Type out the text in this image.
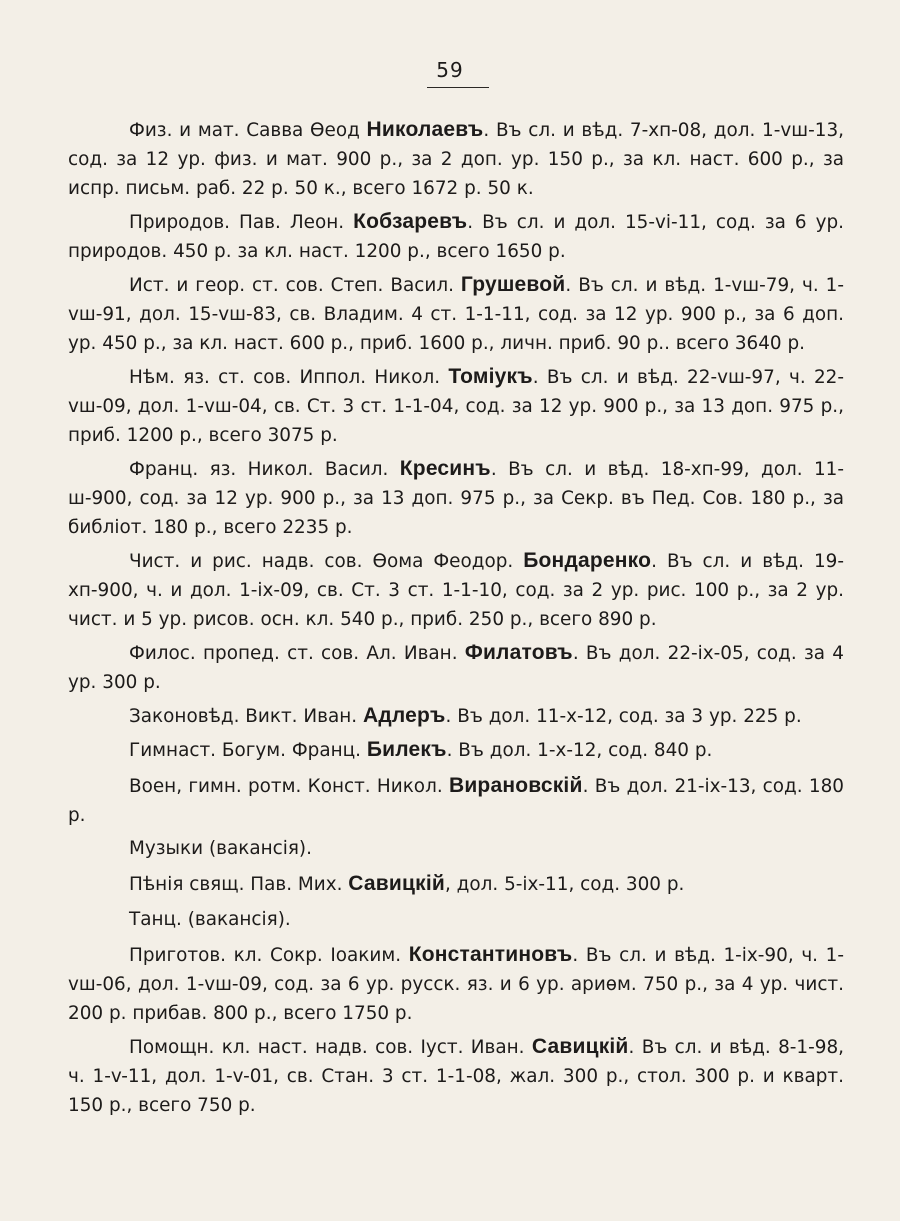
59
Физ. и мат. Савва Өеод Николаевъ. Въ сл. и вѣд. 7-хп-08, дол. 1-vш-13, сод. за 12 ур. физ. и мат. 900 р., за 2 доп. ур. 150 р., за кл. наст. 600 р., за испр. письм. раб. 22 р. 50 к., всего 1672 р. 50 к.
Природов. Пав. Леон. Кобзаревъ. Въ сл. и дол. 15-vi-11, сод. за 6 ур. природов. 450 р. за кл. наст. 1200 р., всего 1650 р.
Ист. и геор. ст. сов. Степ. Васил. Грушевой. Въ сл. и вѣд. 1-vш-79, ч. 1-vш-91, дол. 15-vш-83, св. Владим. 4 ст. 1-1-11, сод. за 12 ур. 900 р., за 6 доп. ур. 450 р., за кл. наст. 600 р., приб. 1600 р., личн. приб. 90 р.. всего 3640 р.
Нѣм. яз. ст. сов. Иппол. Никол. Томіукъ. Въ сл. и вѣд. 22-vш-97, ч. 22-vш-09, дол. 1-vш-04, св. Ст. 3 ст. 1-1-04, сод. за 12 ур. 900 р., за 13 доп. 975 р., приб. 1200 р., всего 3075 р.
Франц. яз. Никол. Васил. Кресинъ. Въ сл. и вѣд. 18-хп-99, дол. 11-ш-900, сод. за 12 ур. 900 р., за 13 доп. 975 р., за Секр. въ Пед. Сов. 180 р., за библіот. 180 р., всего 2235 р.
Чист. и рис. надв. сов. Өома Феодор. Бондаренко. Въ сл. и вѣд. 19-хп-900, ч. и дол. 1-іх-09, св. Ст. 3 ст. 1-1-10, сод. за 2 ур. рис. 100 р., за 2 ур. чист. и 5 ур. рисов. осн. кл. 540 р., приб. 250 р., всего 890 р.
Филос. пропед. ст. сов. Ал. Иван. Филатовъ. Въ дол. 22-іх-05, сод. за 4 ур. 300 р.
Законовѣд. Викт. Иван. Адлеръ. Въ дол. 11-х-12, сод. за 3 ур. 225 р.
Гимнаст. Богум. Франц. Билекъ. Въ дол. 1-х-12, сод. 840 р.
Воен, гимн. ротм. Конст. Никол. Вирановскій. Въ дол. 21-іх-13, сод. 180 р.
Музыки (вакансія).
Пѣнія свящ. Пав. Мих. Савицкій, дол. 5-іх-11, сод. 300 р.
Танц. (вакансія).
Приготов. кл. Сокр. Іоаким. Константиновъ. Въ сл. и вѣд. 1-іх-90, ч. 1-vш-06, дол. 1-vш-09, сод. за 6 ур. русск. яз. и 6 ур. ариѳм. 750 р., за 4 ур. чист. 200 р. прибав. 800 р., всего 1750 р.
Помощн. кл. наст. надв. сов. Іуст. Иван. Савицкій. Въ сл. и вѣд. 8-1-98, ч. 1-v-11, дол. 1-v-01, св. Стан. 3 ст. 1-1-08, жал. 300 р., стол. 300 р. и кварт. 150 р., всего 750 р.
